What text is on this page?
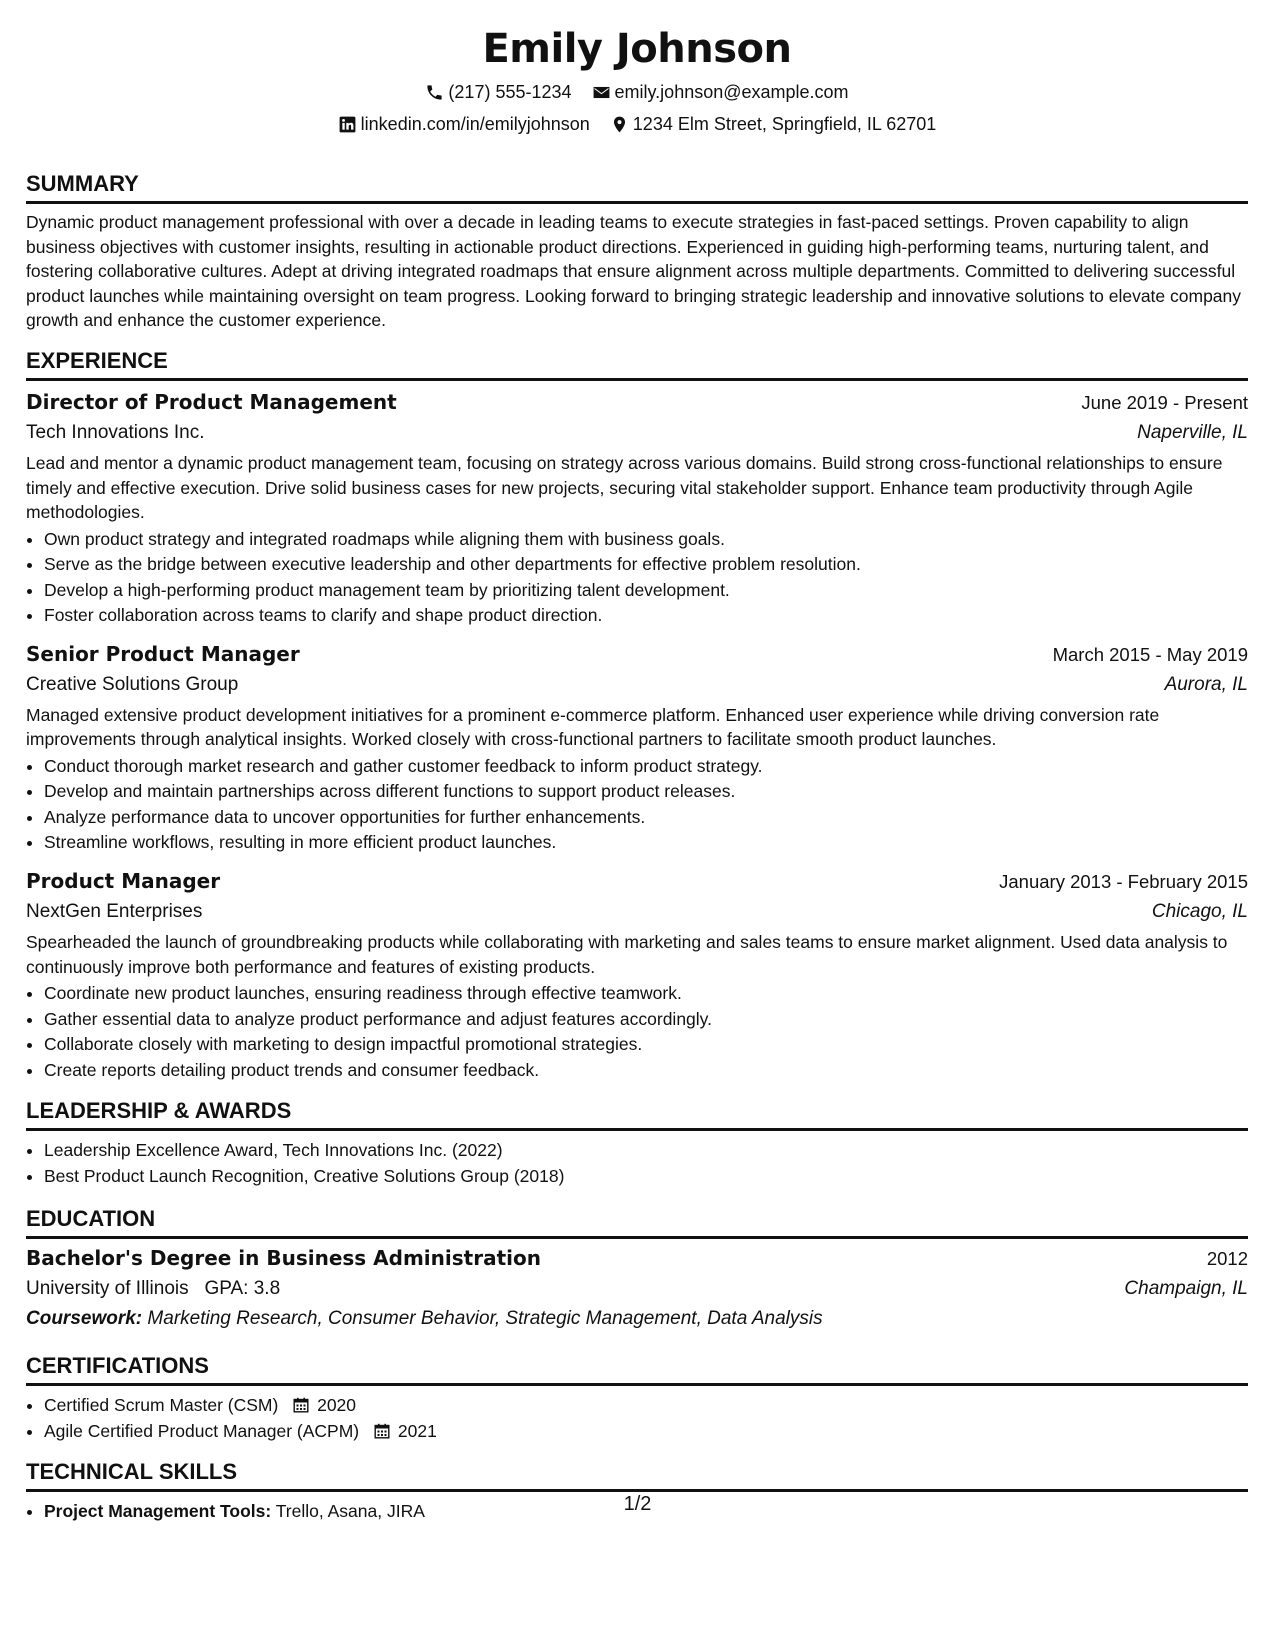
Emily Johnson
(217) 555-1234 emily.johnson@example.com
linkedin.com/in/emilyjohnson 1234 Elm Street, Springfield, IL 62701
SUMMARY

Dynamic product management professional with over a decade in leading teams to execute strategies in fast-paced settings. Proven capability to align business objectives with customer insights, resulting in actionable product directions. Experienced in guiding high-performing teams, nurturing talent, and fostering collaborative cultures. Adept at driving integrated roadmaps that ensure alignment across multiple departments. Committed to delivering successful product launches while maintaining oversight on team progress. Looking forward to bringing strategic leadership and innovative solutions to elevate company growth and enhance the customer experience.

EXPERIENCE
Director of Product Management	June 2019 - Present
Tech Innovations Inc.	Naperville, IL

Lead and mentor a dynamic product management team, focusing on strategy across various domains. Build strong cross-functional relationships to ensure timely and effective execution. Drive solid business cases for new projects, securing vital stakeholder support. Enhance team productivity through Agile methodologies.

• Own product strategy and integrated roadmaps while aligning them with business goals.
• Serve as the bridge between executive leadership and other departments for effective problem resolution.
• Develop a high-performing product management team by prioritizing talent development.
• Foster collaboration across teams to clarify and shape product direction.
Senior Product Manager	March 2015 - May 2019
Creative Solutions Group	Aurora, IL

Managed extensive product development initiatives for a prominent e-commerce platform. Enhanced user experience while driving conversion rate improvements through analytical insights. Worked closely with cross-functional partners to facilitate smooth product launches.

• Conduct thorough market research and gather customer feedback to inform product strategy.
• Develop and maintain partnerships across different functions to support product releases.
• Analyze performance data to uncover opportunities for further enhancements.
• Streamline workflows, resulting in more efficient product launches.
Product Manager	January 2013 - February 2015
NextGen Enterprises	Chicago, IL

Spearheaded the launch of groundbreaking products while collaborating with marketing and sales teams to ensure market alignment. Used data analysis to continuously improve both performance and features of existing products.

• Coordinate new product launches, ensuring readiness through effective teamwork.
• Gather essential data to analyze product performance and adjust features accordingly.
• Collaborate closely with marketing to design impactful promotional strategies.
• Create reports detailing product trends and consumer feedback.
LEADERSHIP & AWARDS
• Leadership Excellence Award, Tech Innovations Inc. (2022)
• Best Product Launch Recognition, Creative Solutions Group (2018)
EDUCATION
Bachelor's Degree in Business Administration	2012
University of Illinois GPA: 3.8	Champaign, IL
Coursework: Marketing Research, Consumer Behavior, Strategic Management, Data Analysis
CERTIFICATIONS
• Certified Scrum Master (CSM) 2020
• Agile Certified Product Manager (ACPM) 2021
TECHNICAL SKILLS
• Project Management Tools: Trello, Asana, JIRA	1/2
